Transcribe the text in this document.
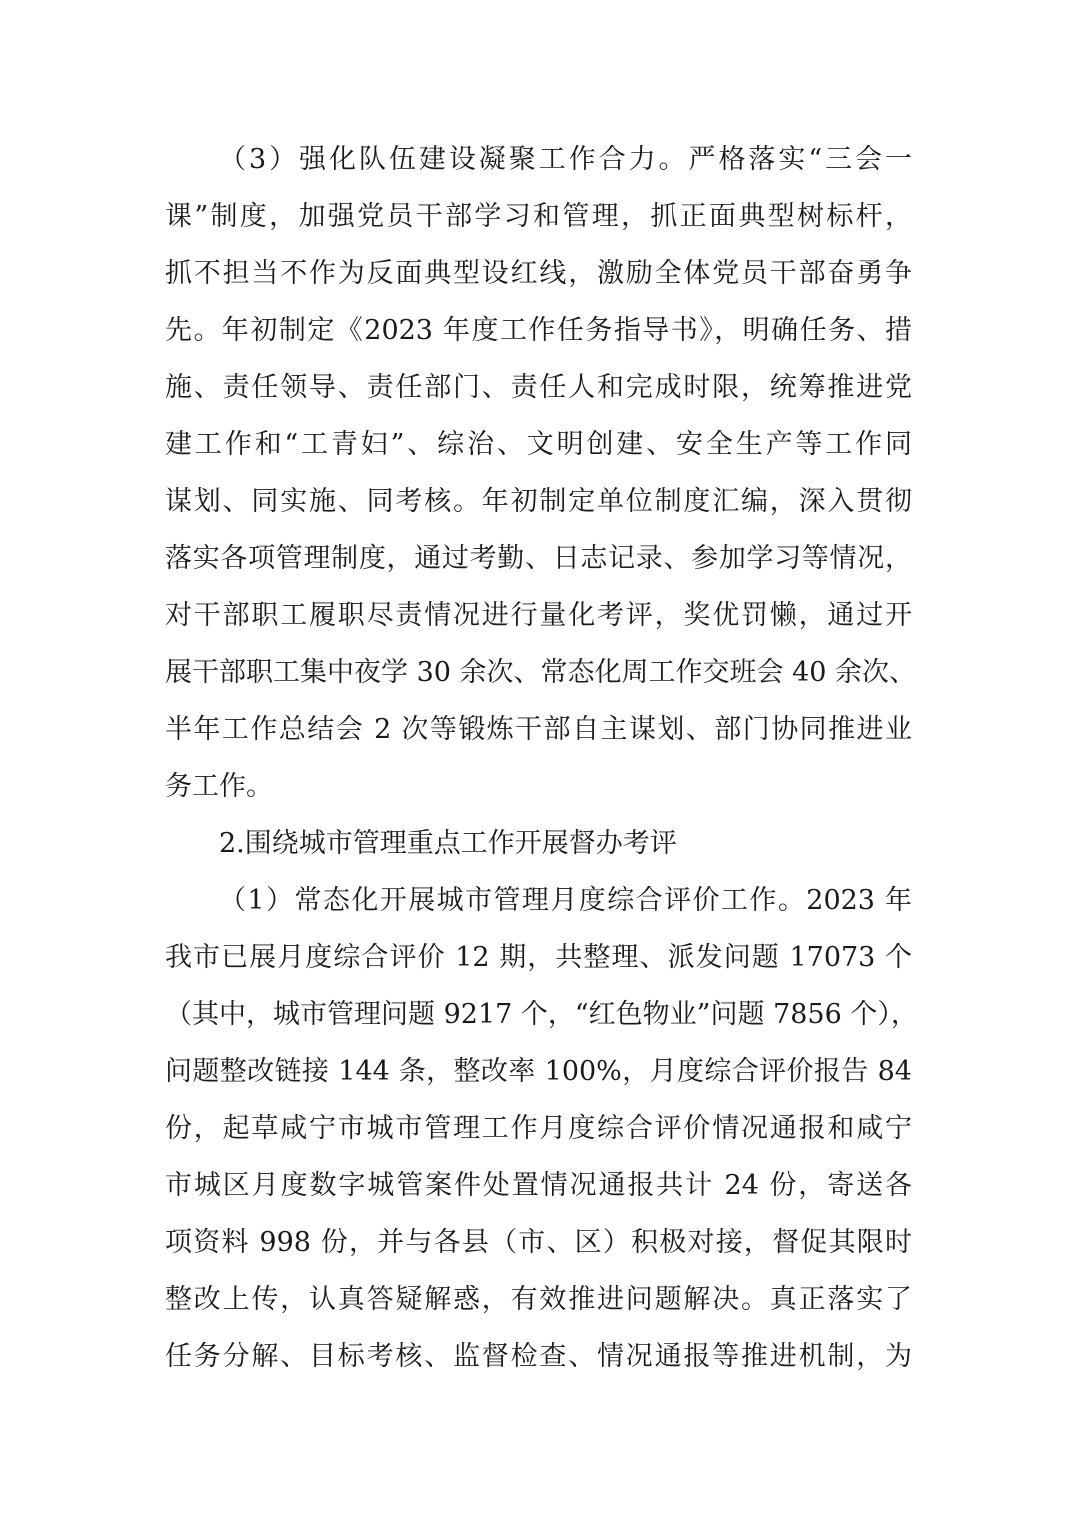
（3）强化队伍建设凝聚工作合力。严格落实“三会一
课”制度，加强党员干部学习和管理，抓正面典型树标杆，
抓不担当不作为反面典型设红线，激励全体党员干部奋勇争
先。年初制定《2023 年度工作任务指导书》，明确任务、措
施、责任领导、责任部门、责任人和完成时限，统筹推进党
建工作和“工青妇”、综治、文明创建、安全生产等工作同
谋划、同实施、同考核。年初制定单位制度汇编，深入贯彻
落实各项管理制度，通过考勤、日志记录、参加学习等情况，
对干部职工履职尽责情况进行量化考评，奖优罚懒，通过开
展干部职工集中夜学 30 余次、常态化周工作交班会 40 余次、
半年工作总结会 2 次等锻炼干部自主谋划、部门协同推进业
务工作。
2.围绕城市管理重点工作开展督办考评
（1）常态化开展城市管理月度综合评价工作。2023 年
我市已展月度综合评价 12 期，共整理、派发问题 17073 个
（其中，城市管理问题 9217 个，“红色物业”问题 7856 个），
问题整改链接 144 条，整改率 100%，月度综合评价报告 84
份，起草咸宁市城市管理工作月度综合评价情况通报和咸宁
市城区月度数字城管案件处置情况通报共计 24 份，寄送各
项资料 998 份，并与各县（市、区）积极对接，督促其限时
整改上传，认真答疑解惑，有效推进问题解决。真正落实了
任务分解、目标考核、监督检查、情况通报等推进机制，为
